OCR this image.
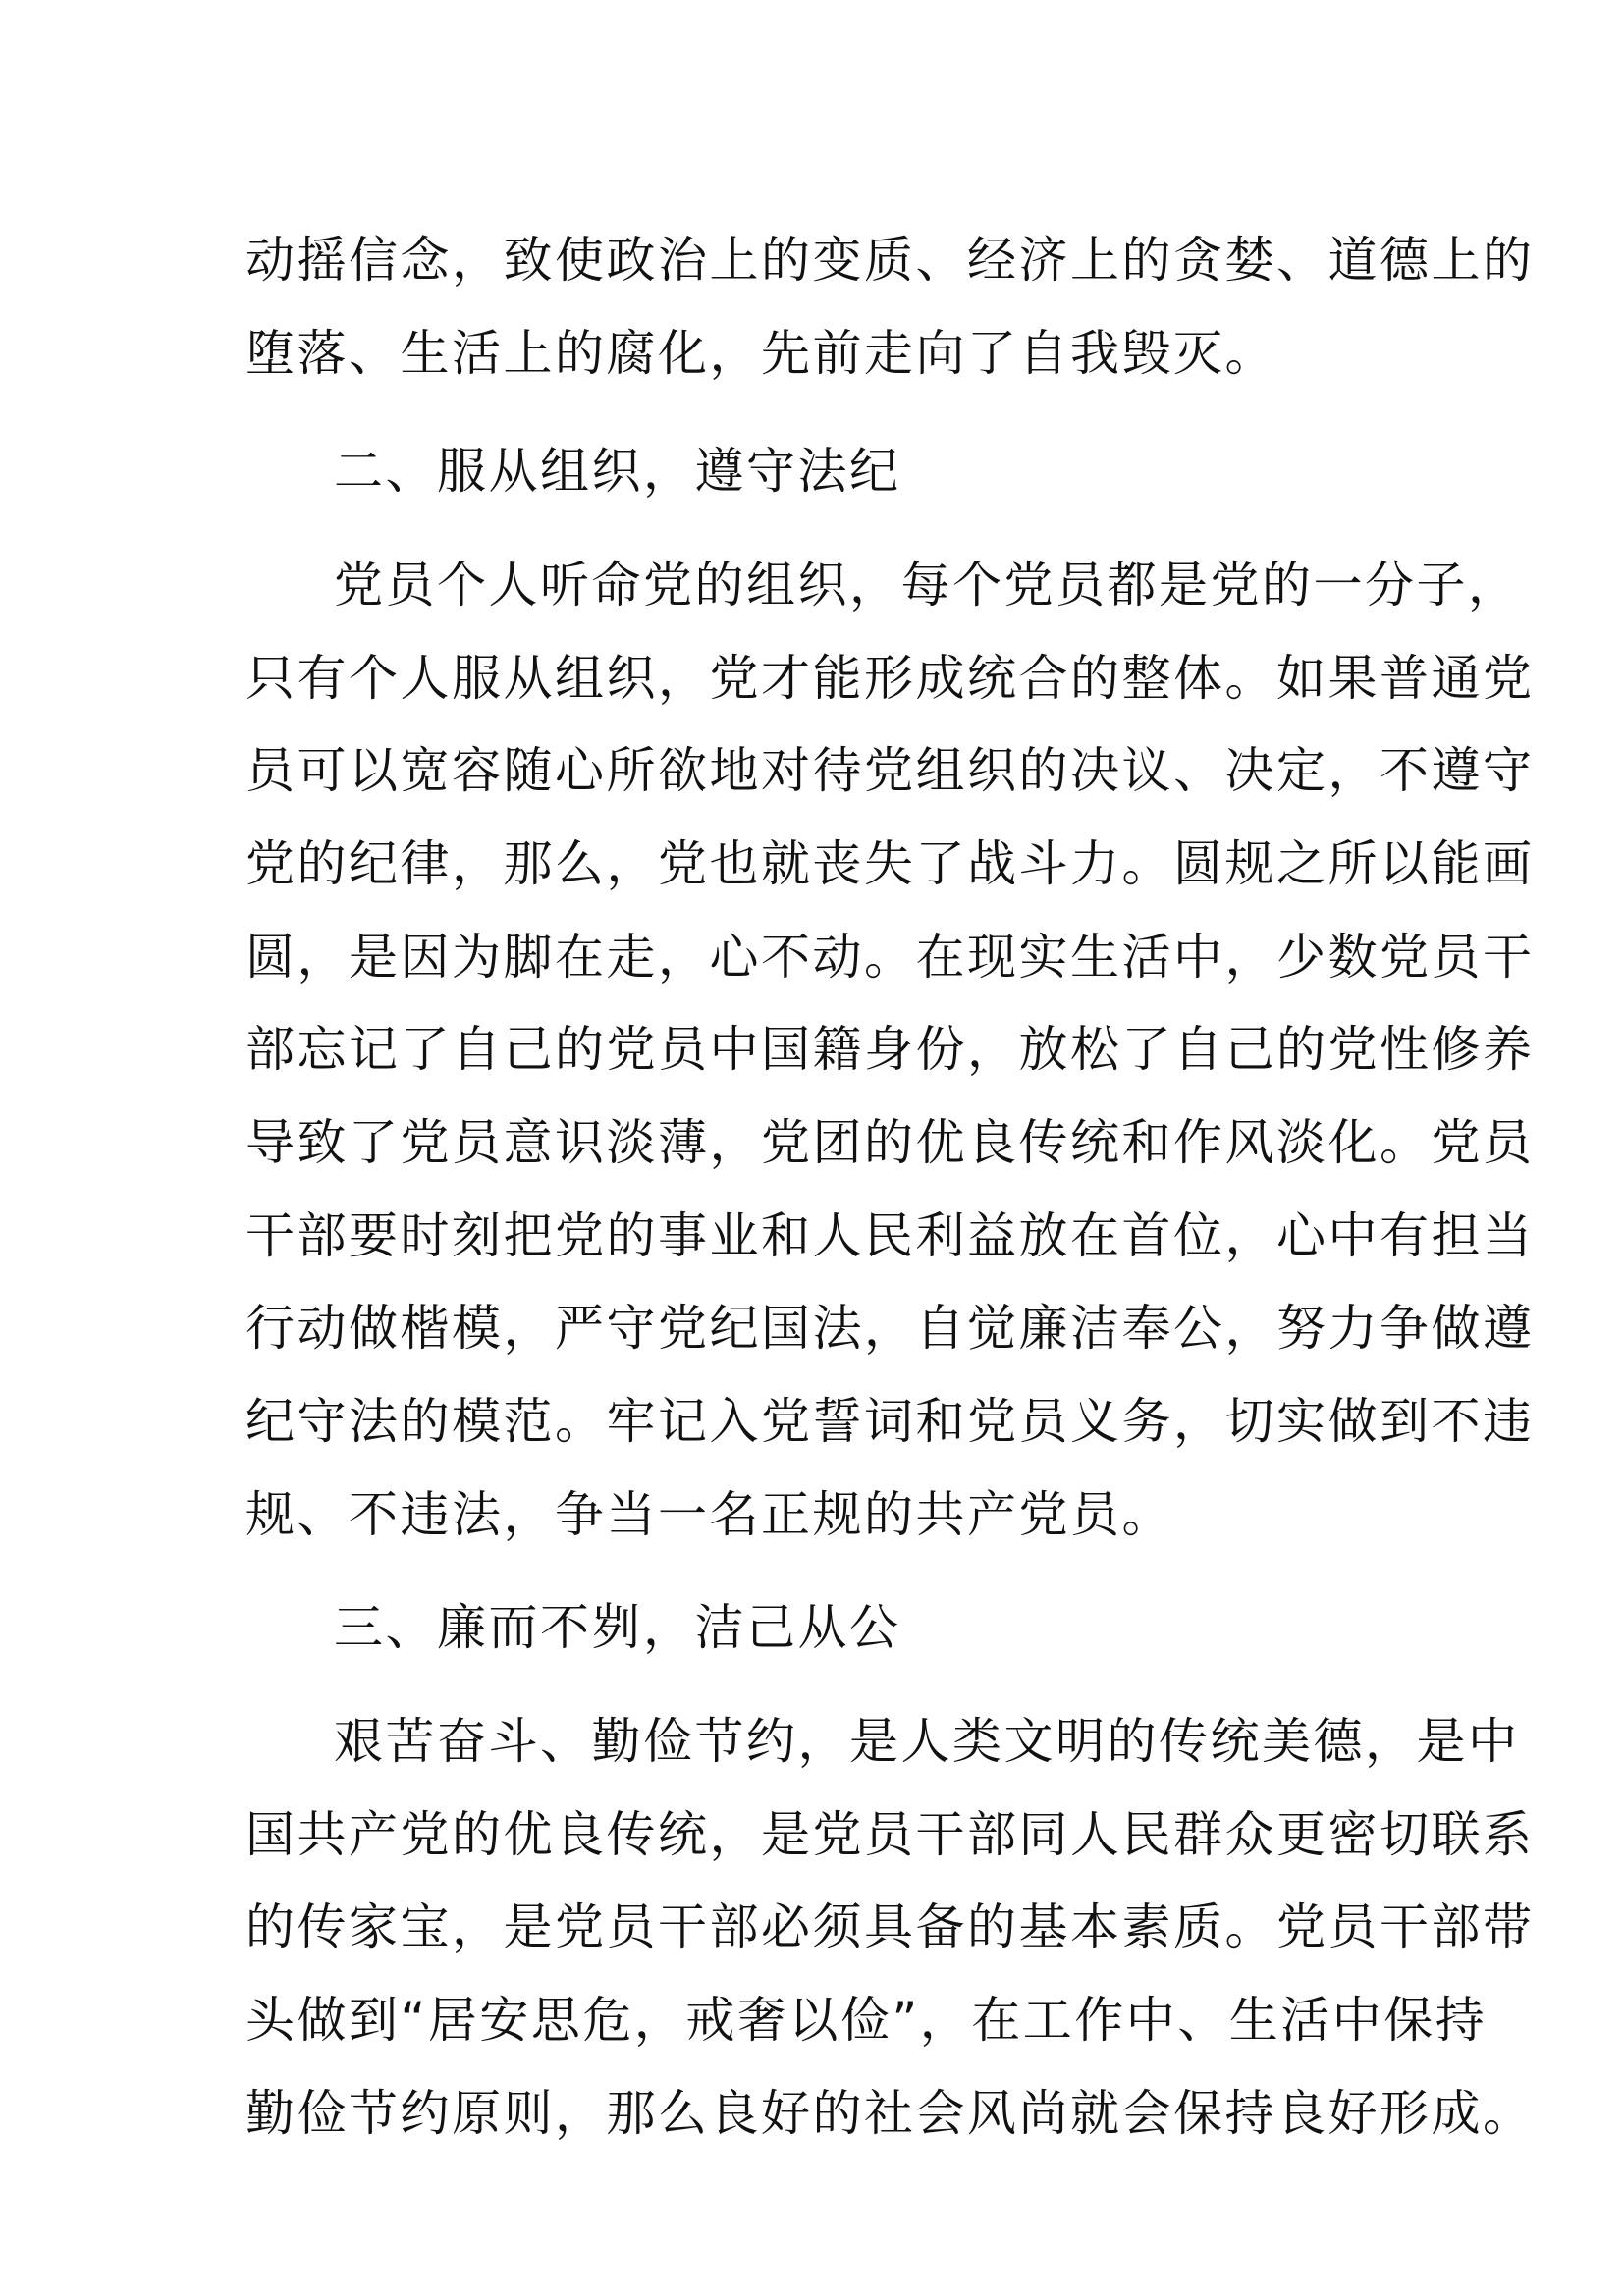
动摇信念，致使政治上的变质、经济上的贪婪、道德上的
堕落、生活上的腐化，先前走向了自我毁灭。
二、服从组织，遵守法纪
党员个人听命党的组织，每个党员都是党的一分子，
只有个人服从组织，党才能形成统合的整体。如果普通党
员可以宽容随心所欲地对待党组织的决议、决定，不遵守
党的纪律，那么，党也就丧失了战斗力。圆规之所以能画
圆，是因为脚在走，心不动。在现实生活中，少数党员干
部忘记了自己的党员中国籍身份，放松了自己的党性修养
导致了党员意识淡薄，党团的优良传统和作风淡化。党员
干部要时刻把党的事业和人民利益放在首位，心中有担当
行动做楷模，严守党纪国法，自觉廉洁奉公，努力争做遵
纪守法的模范。牢记入党誓词和党员义务，切实做到不违
规、不违法，争当一名正规的共产党员。
三、廉而不刿，洁己从公
艰苦奋斗、勤俭节约，是人类文明的传统美德，是中
国共产党的优良传统，是党员干部同人民群众更密切联系
的传家宝，是党员干部必须具备的基本素质。党员干部带
头做到“居安思危，戒奢以俭”，在工作中、生活中保持
勤俭节约原则，那么良好的社会风尚就会保持良好形成。
